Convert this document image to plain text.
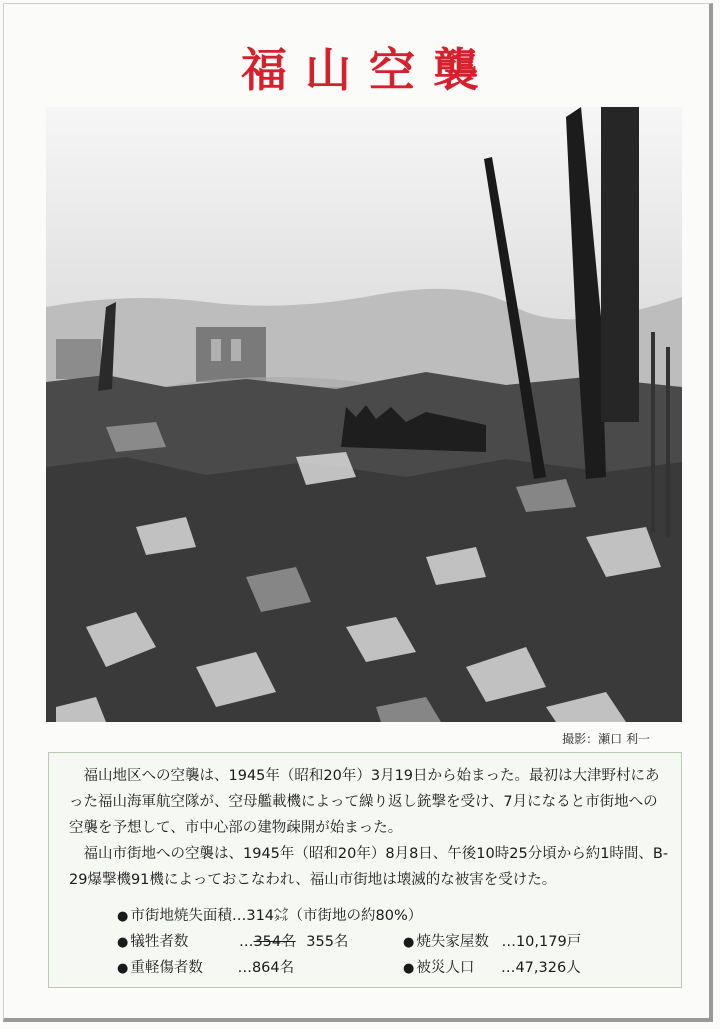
福山空襲
撮影：瀬口 利一

福山地区への空襲は、1945年（昭和20年）3月19日から始まった。最初は大津野村にあった福山海軍航空隊が、空母艦載機によって繰り返し銃撃を受け、7月になると市街地への空襲を予想して、市中心部の建物疎開が始まった。

福山市街地への空襲は、1945年（昭和20年）8月8日、午後10時25分頃から約1時間、B-29爆撃機91機によっておこなわれ、福山市街地は壊滅的な被害を受けた。

● 市街地焼失面積…314㌶（市街地の約80%）
● 犠牲者数	…354名 355名
● 重軽傷者数 …864名
● 焼失家屋数 …10,179戸
● 被災人口 …47,326人
